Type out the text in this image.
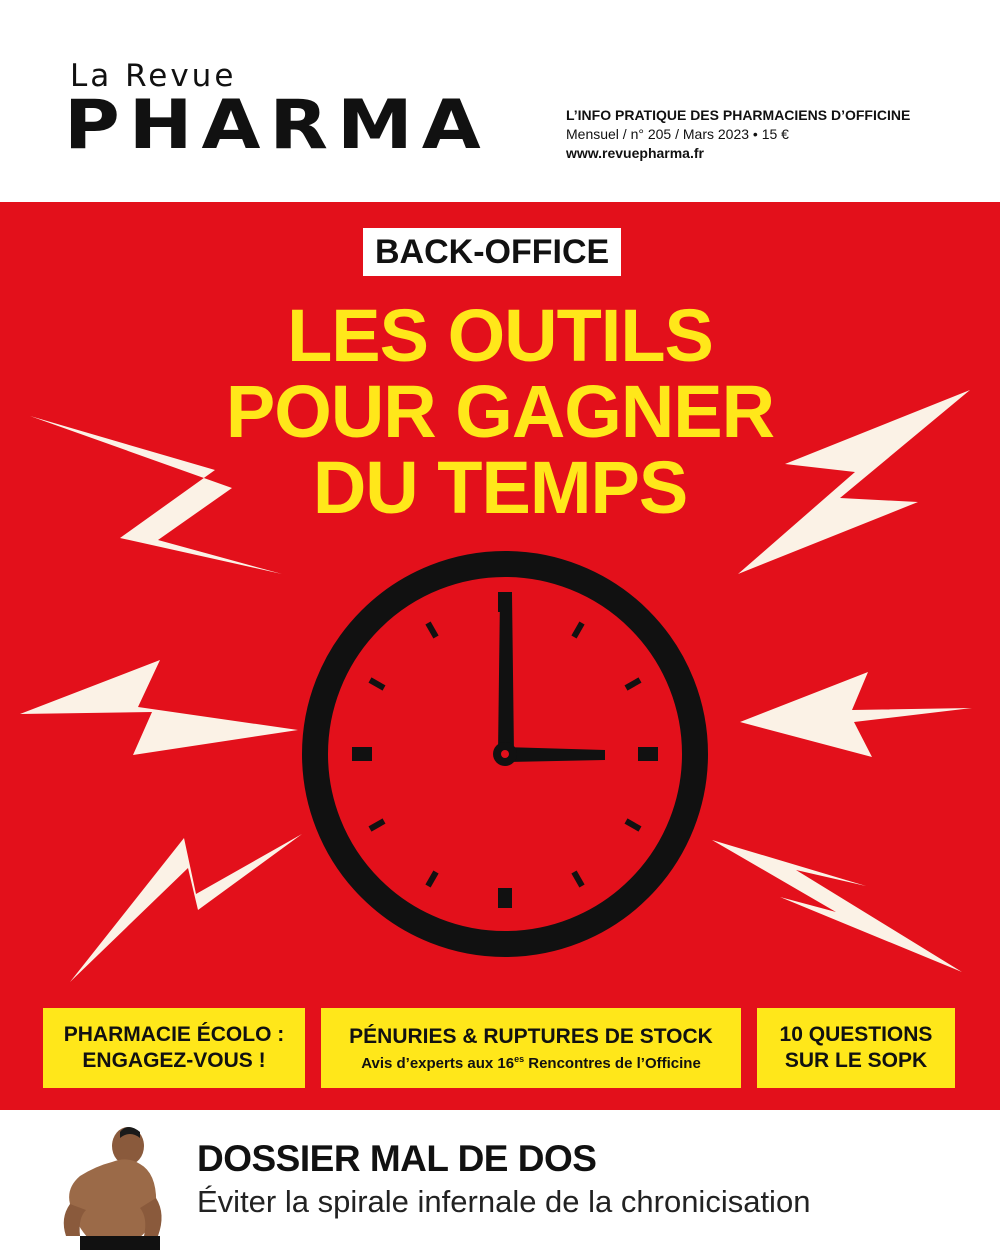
La Revue
PHARMA	L’INFO PRATIQUE DES PHARMACIENS D’OFFICINE
Mensuel / n° 205 / Mars 2023 • 15 €
www.revuepharma.fr
BACK-OFFICE
LES OUTILS
POUR GAGNER
DU TEMPS
PHARMACIE ÉCOLO :
ENGAGEZ-VOUS !
PÉNURIES & RUPTURES DE STOCK
Avis d’experts aux $16^{es}$ Rencontres de l’Officine
10 QUESTIONS
SUR LE SOPK
DOSSIER MAL DE DOS
Éviter la spirale infernale de la chronicisation
